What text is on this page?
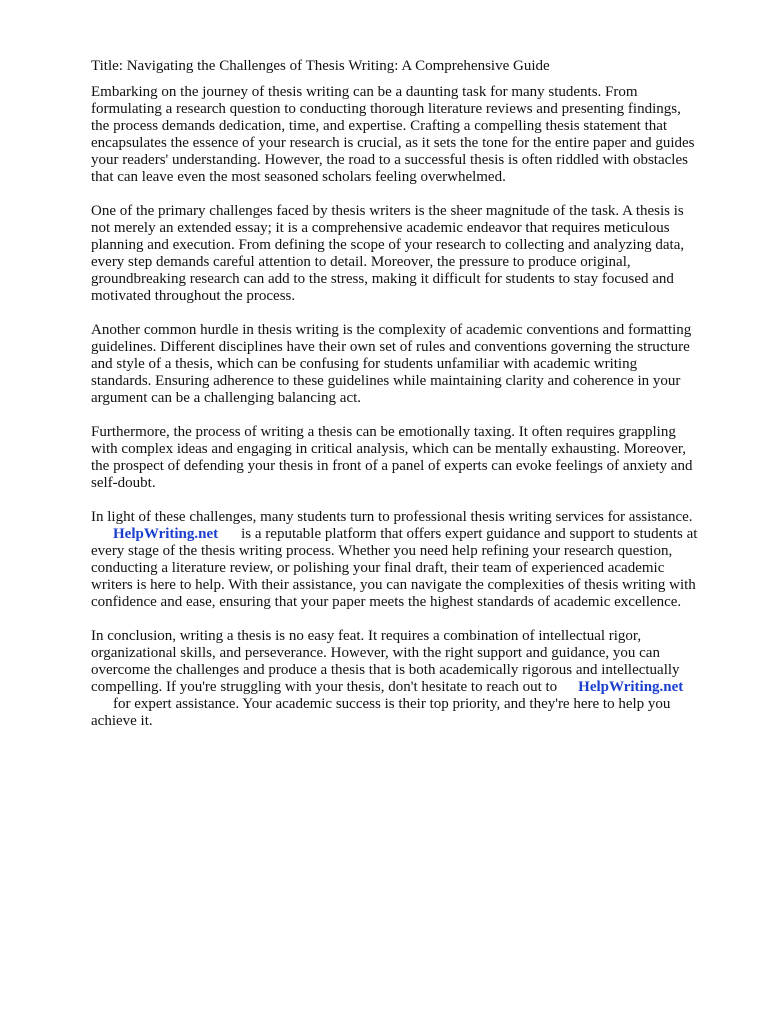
Title: Navigating the Challenges of Thesis Writing: A Comprehensive Guide

Embarking on the journey of thesis writing can be a daunting task for many students. From
formulating a research question to conducting thorough literature reviews and presenting findings,
the process demands dedication, time, and expertise. Crafting a compelling thesis statement that
encapsulates the essence of your research is crucial, as it sets the tone for the entire paper and guides
your readers' understanding. However, the road to a successful thesis is often riddled with obstacles
that can leave even the most seasoned scholars feeling overwhelmed.
One of the primary challenges faced by thesis writers is the sheer magnitude of the task. A thesis is
not merely an extended essay; it is a comprehensive academic endeavor that requires meticulous
planning and execution. From defining the scope of your research to collecting and analyzing data,
every step demands careful attention to detail. Moreover, the pressure to produce original,
groundbreaking research can add to the stress, making it difficult for students to stay focused and
motivated throughout the process.
Another common hurdle in thesis writing is the complexity of academic conventions and formatting
guidelines. Different disciplines have their own set of rules and conventions governing the structure
and style of a thesis, which can be confusing for students unfamiliar with academic writing
standards. Ensuring adherence to these guidelines while maintaining clarity and coherence in your
argument can be a challenging balancing act.
Furthermore, the process of writing a thesis can be emotionally taxing. It often requires grappling
with complex ideas and engaging in critical analysis, which can be mentally exhausting. Moreover,
the prospect of defending your thesis in front of a panel of experts can evoke feelings of anxiety and
self-doubt.
In light of these challenges, many students turn to professional thesis writing services for assistance.
HelpWriting.net is a reputable platform that offers expert guidance and support to students at
every stage of the thesis writing process. Whether you need help refining your research question,
conducting a literature review, or polishing your final draft, their team of experienced academic
writers is here to help. With their assistance, you can navigate the complexities of thesis writing with
confidence and ease, ensuring that your paper meets the highest standards of academic excellence.
In conclusion, writing a thesis is no easy feat. It requires a combination of intellectual rigor,
organizational skills, and perseverance. However, with the right support and guidance, you can
overcome the challenges and produce a thesis that is both academically rigorous and intellectually
compelling. If you're struggling with your thesis, don't hesitate to reach out to HelpWriting.net
for expert assistance. Your academic success is their top priority, and they're here to help you
achieve it.
